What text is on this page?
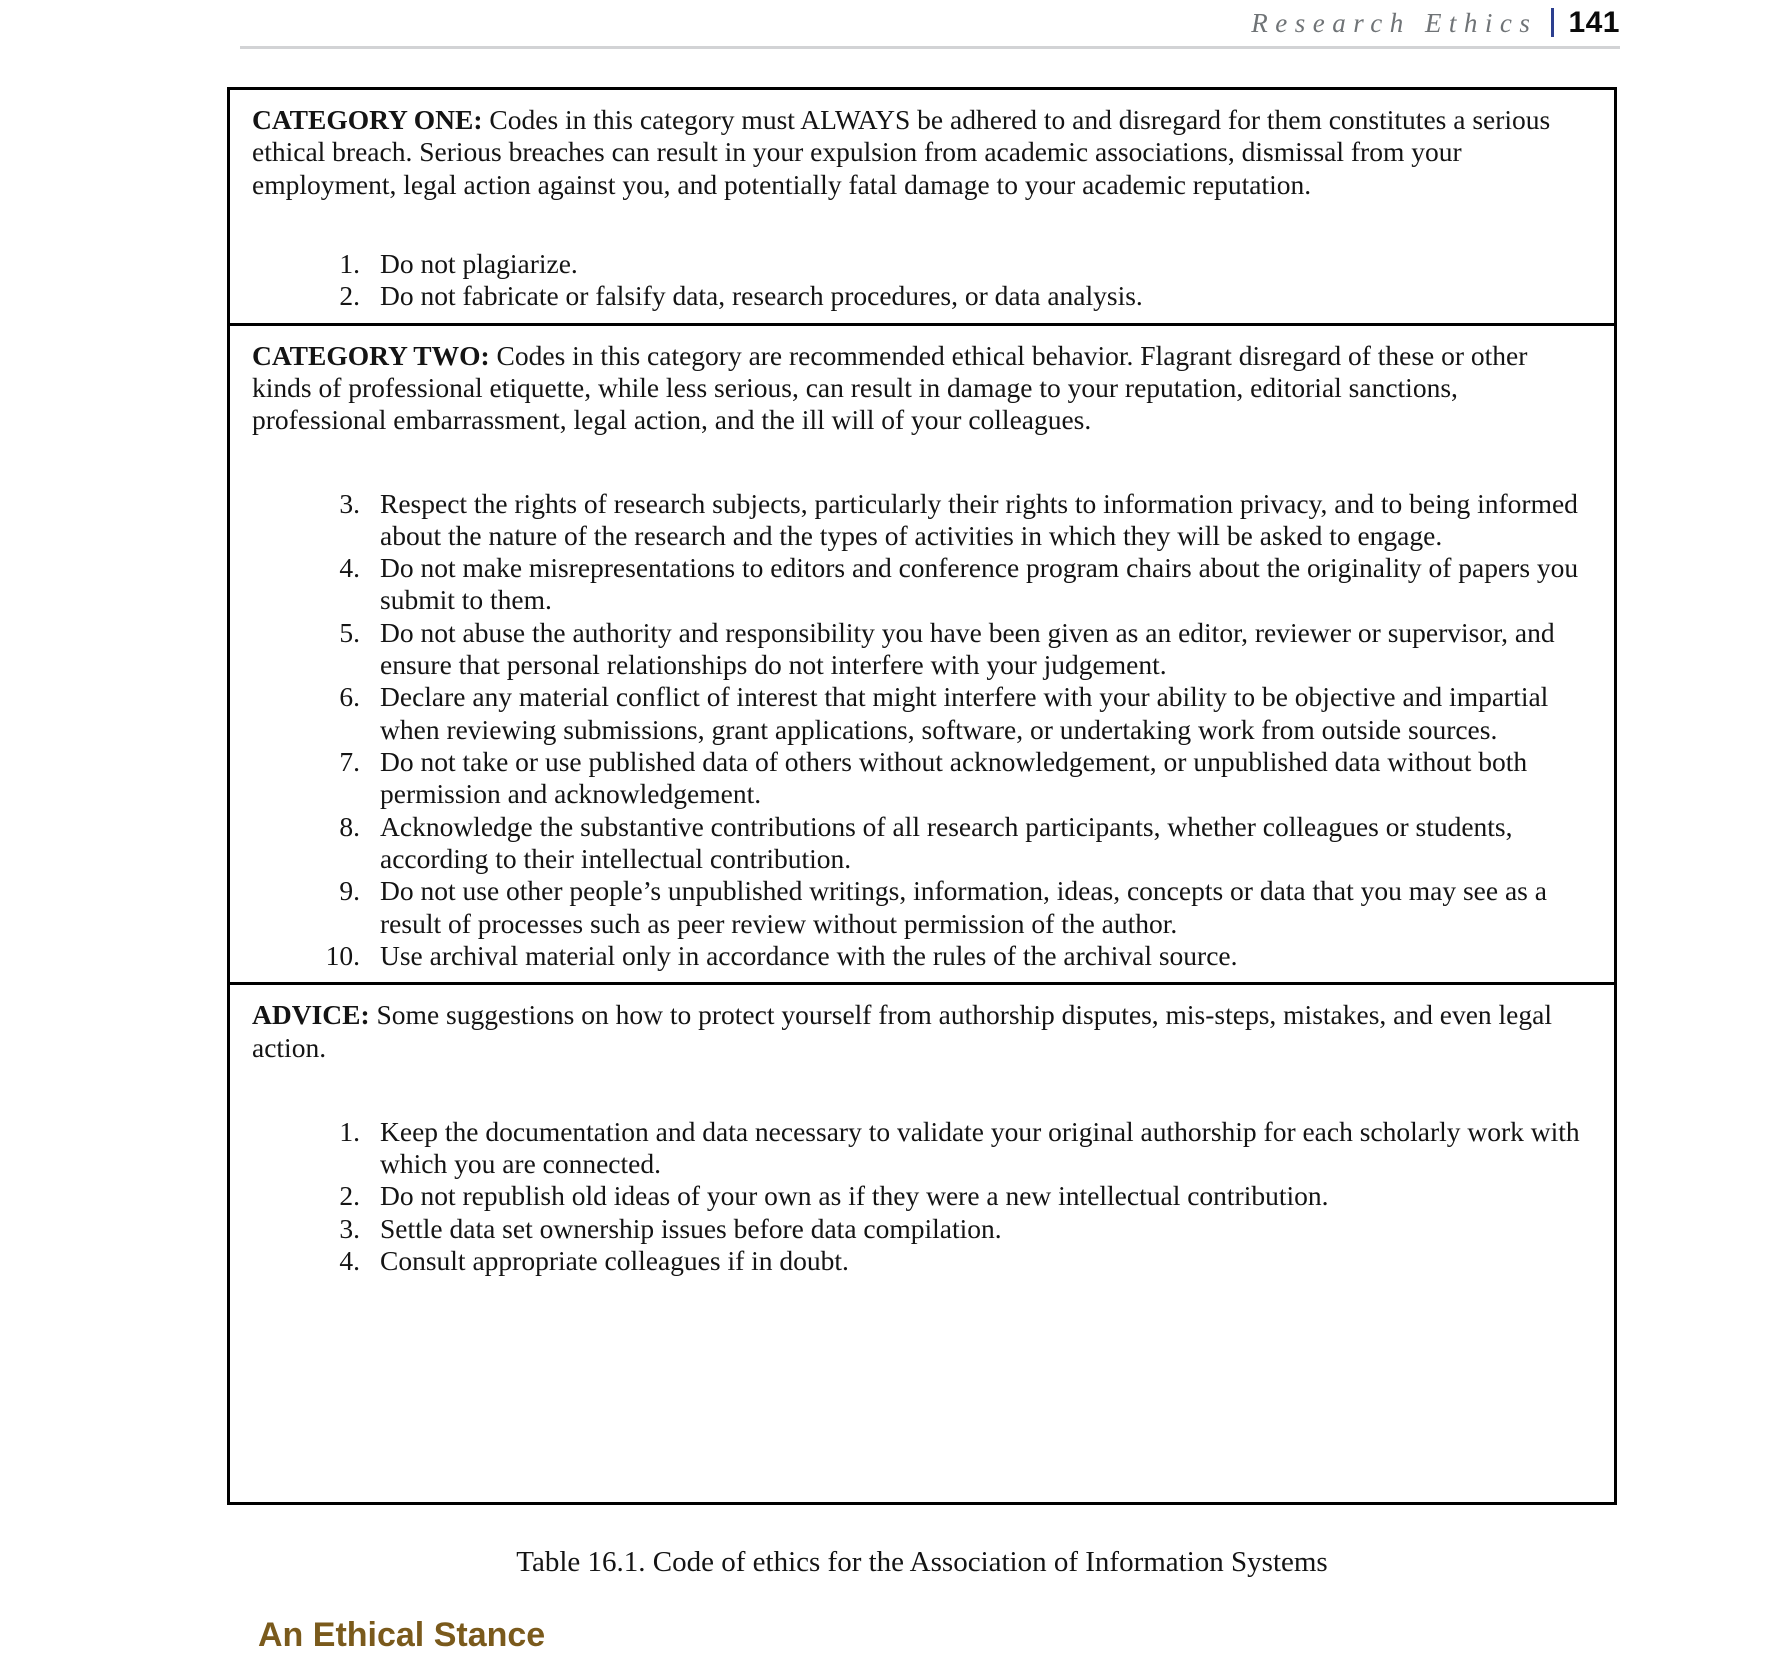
Research Ethics 141

CATEGORY ONE: Codes in this category must ALWAYS be adhered to and disregard for them constitutes a serious ethical breach. Serious breaches can result in your expulsion from academic associations, dismissal from your employment, legal action against you, and potentially fatal damage to your academic reputation.

1. Do not plagiarize.
2. Do not fabricate or falsify data, research procedures, or data analysis.

CATEGORY TWO: Codes in this category are recommended ethical behavior. Flagrant disregard of these or other kinds of professional etiquette, while less serious, can result in damage to your reputation, editorial sanctions, professional embarrassment, legal action, and the ill will of your colleagues.

3. Respect the rights of research subjects, particularly their rights to information privacy, and to being informed about the nature of the research and the types of activities in which they will be asked to engage.
4. Do not make misrepresentations to editors and conference program chairs about the originality of papers you submit to them.
5. Do not abuse the authority and responsibility you have been given as an editor, reviewer or supervisor, and ensure that personal relationships do not interfere with your judgement.
6. Declare any material conflict of interest that might interfere with your ability to be objective and impartial when reviewing submissions, grant applications, software, or undertaking work from outside sources.
7. Do not take or use published data of others without acknowledgement, or unpublished data without both permission and acknowledgement.
8. Acknowledge the substantive contributions of all research participants, whether colleagues or students, according to their intellectual contribution.
9. Do not use other people’s unpublished writings, information, ideas, concepts or data that you may see as a result of processes such as peer review without permission of the author.
10. Use archival material only in accordance with the rules of the archival source.

ADVICE: Some suggestions on how to protect yourself from authorship disputes, mis-steps, mistakes, and even legal action.

1. Keep the documentation and data necessary to validate your original authorship for each scholarly work with which you are connected.
2. Do not republish old ideas of your own as if they were a new intellectual contribution.
3. Settle data set ownership issues before data compilation.
4. Consult appropriate colleagues if in doubt.
Table 16.1. Code of ethics for the Association of Information Systems
An Ethical Stance
